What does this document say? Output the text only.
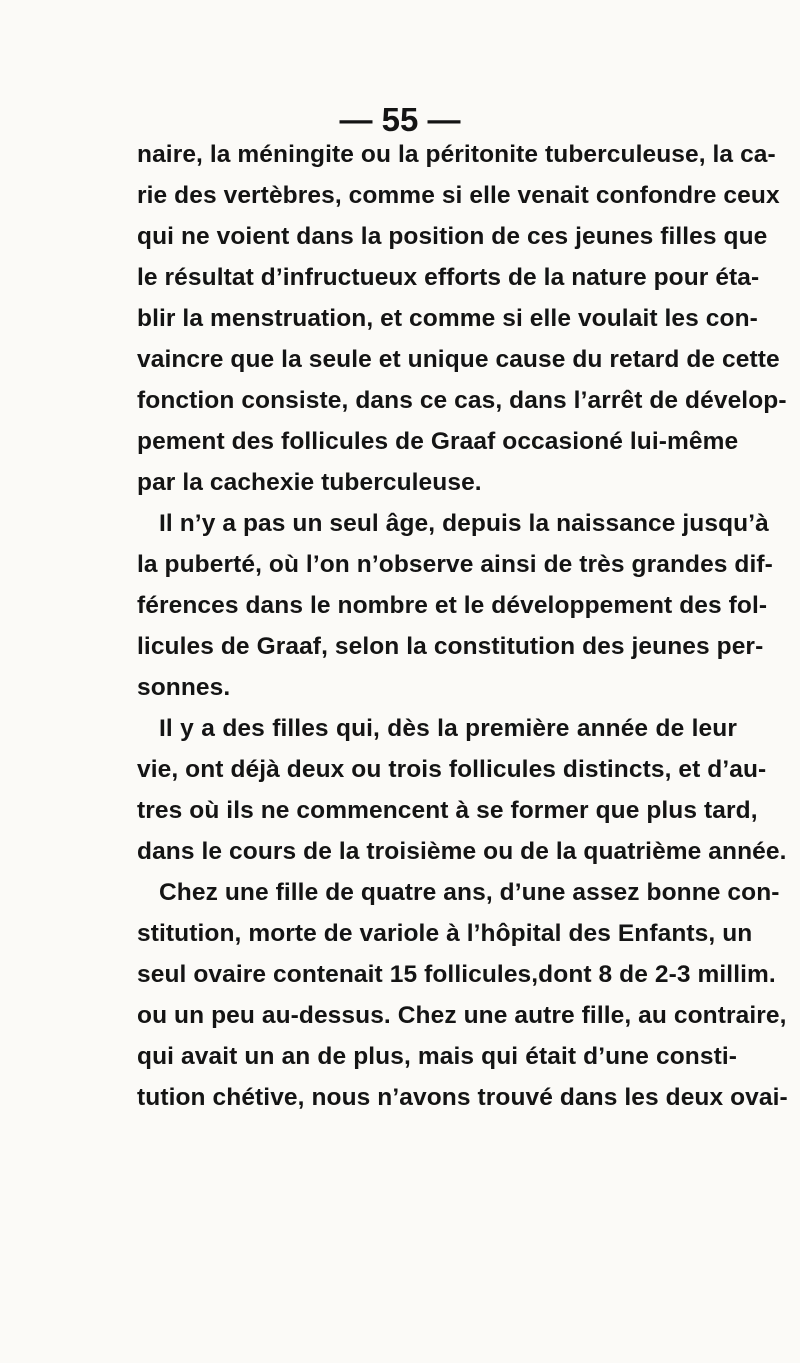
— 55 —
naire, la méningite ou la péritonite tuberculeuse, la ca-
rie des vertèbres, comme si elle venait confondre ceux
qui ne voient dans la position de ces jeunes filles que
le résultat d’infructueux efforts de la nature pour éta-
blir la menstruation, et comme si elle voulait les con-
vaincre que la seule et unique cause du retard de cette
fonction consiste, dans ce cas, dans l’arrêt de dévelop-
pement des follicules de Graaf occasioné lui-même
par la cachexie tuberculeuse.
Il n’y a pas un seul âge, depuis la naissance jusqu’à
la puberté, où l’on n’observe ainsi de très grandes dif-
férences dans le nombre et le développement des fol-
licules de Graaf, selon la constitution des jeunes per-
sonnes.
Il y a des filles qui, dès la première année de leur
vie, ont déjà deux ou trois follicules distincts, et d’au-
tres où ils ne commencent à se former que plus tard,
dans le cours de la troisième ou de la quatrième année.
Chez une fille de quatre ans, d’une assez bonne con-
stitution, morte de variole à l’hôpital des Enfants, un
seul ovaire contenait 15 follicules,dont 8 de 2-3 millim.
ou un peu au-dessus. Chez une autre fille, au contraire,
qui avait un an de plus, mais qui était d’une consti-
tution chétive, nous n’avons trouvé dans les deux ovai-
